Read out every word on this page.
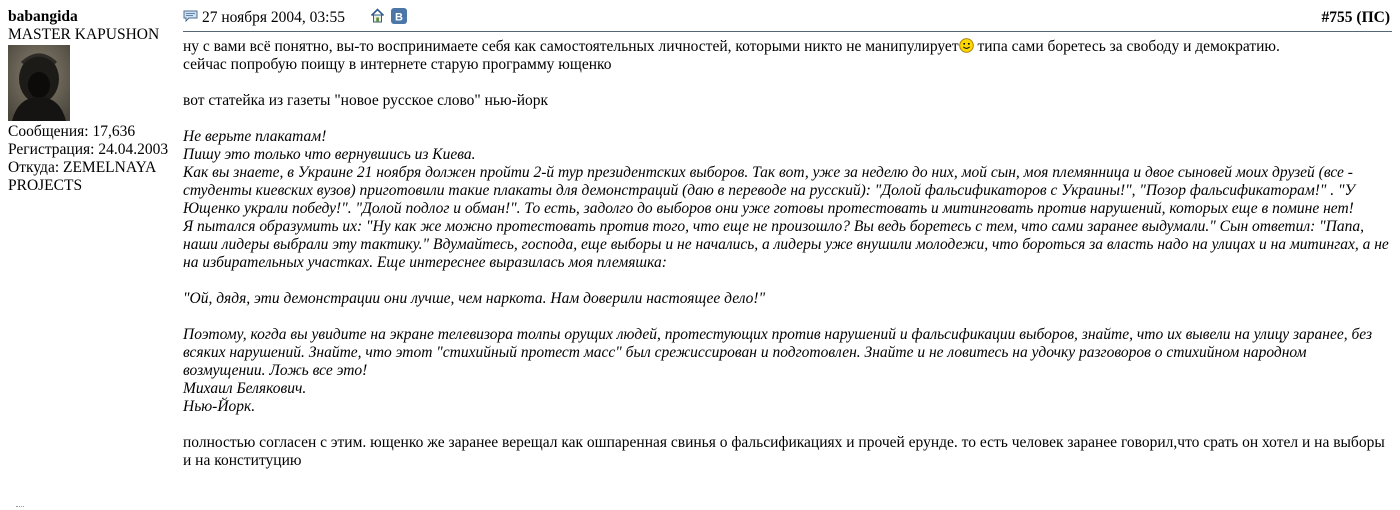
babangida
MASTER KAPUSHON
Сообщения: 17,636
Регистрация: 24.04.2003
Откуда: ZEMELNAYA
PROJECTS
27 ноября 2004, 03:55	B	#755 (ПС)

ну с вами всё понятно, вы-то воспринимаете себя как самостоятельных личностей, которыми никто не манипулирует типа сами боретесь за свободу и демократию.

сейчас попробую поищу в интернете старую программу ющенко

вот статейка из газеты "новое русское слово" нью-йорк

Не верьте плакатам!

Пишу это только что вернувшись из Киева.

Как вы знаете, в Украине 21 ноября должен пройти 2-й тур президентских выборов. Так вот, уже за неделю до них, мой сын, моя племянница и двое сыновей моих друзей (все - студенты киевских вузов) приготовили такие плакаты для демонстраций (даю в переводе на русский): "Долой фальсификаторов с Украины!", "Позор фальсификаторам!" . "У Ющенко украли победу!". "Долой подлог и обман!". То есть, задолго до выборов они уже готовы протестовать и митинговать против нарушений, которых еще в помине нет!

Я пытался образумить их: "Ну как же можно протестовать против того, что еще не произошло? Вы ведь боретесь с тем, что сами заранее выдумали." Сын ответил: "Папа, наши лидеры выбрали эту тактику." Вдумайтесь, господа, еще выборы и не начались, а лидеры уже внушили молодежи, что бороться за власть надо на улицах и на митингах, а не на избирательных участках. Еще интереснее выразилась моя племяшка:

"Ой, дядя, эти демонстрации они лучше, чем наркота. Нам доверили настоящее дело!"

Поэтому, когда вы увидите на экране телевизора толпы орущих людей, протестующих против нарушений и фальсификации выборов, знайте, что их вывели на улицу заранее, без всяких нарушений. Знайте, что этот "стихийный протест масс" был срежиссирован и подготовлен. Знайте и не ловитесь на удочку разговоров о стихийном народном возмущении. Ложь все это!

Михаил Белякович.

Нью-Йорк.

полностью согласен с этим. ющенко же заранее верещал как ошпаренная свинья о фальсификациях и прочей ерунде. то есть человек заранее говорил,что срать он хотел и на выборы и на конституцию
